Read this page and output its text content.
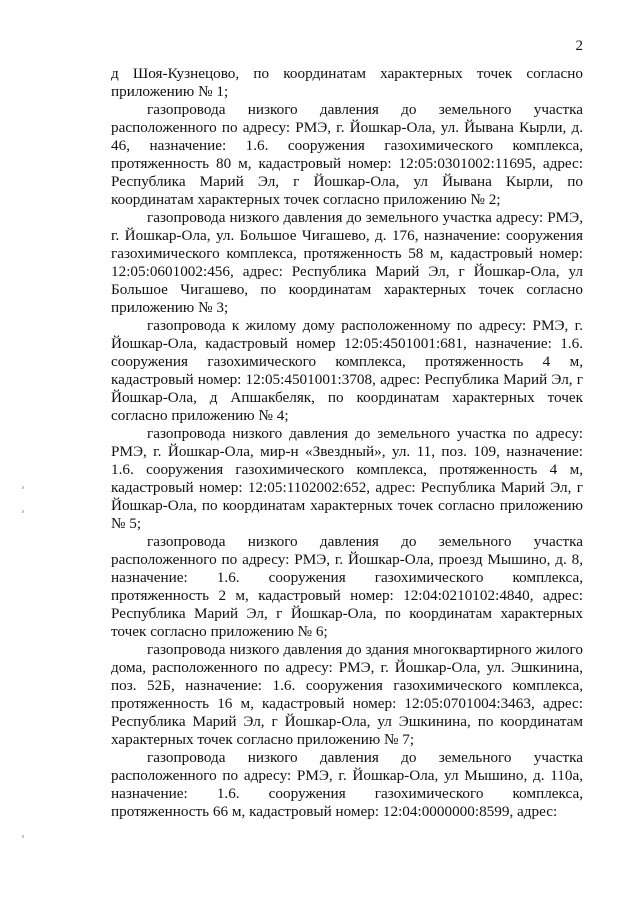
2

д Шоя-Кузнецово, по координатам характерных точек согласно приложению № 1;

газопровода низкого давления до земельного участка расположенного по адресу: РМЭ, г. Йошкар-Ола, ул. Йывана Кырли, д. 46, назначение: 1.6. сооружения газохимического комплекса, протяженность 80 м, кадастровый номер: 12:05:0301002:11695, адрес: Республика Марий Эл, г Йошкар-Ола, ул Йывана Кырли, по координатам характерных точек согласно приложению № 2;

газопровода низкого давления до земельного участка адресу: РМЭ, г. Йошкар-Ола, ул. Большое Чигашево, д. 176, назначение: сооружения газохимического комплекса, протяженность 58 м, кадастровый номер: 12:05:0601002:456, адрес: Республика Марий Эл, г Йошкар-Ола, ул Большое Чигашево, по координатам характерных точек согласно приложению № 3;

газопровода к жилому дому расположенному по адресу: РМЭ, г. Йошкар-Ола, кадастровый номер 12:05:4501001:681, назначение: 1.6. сооружения газохимического комплекса, протяженность 4 м, кадастровый номер: 12:05:4501001:3708, адрес: Республика Марий Эл, г Йошкар-Ола, д Апшакбеляк, по координатам характерных точек согласно приложению № 4;

газопровода низкого давления до земельного участка по адресу: РМЭ, г. Йошкар-Ола, мир-н «Звездный», ул. 11, поз. 109, назначение: 1.6. сооружения газохимического комплекса, протяженность 4 м, кадастровый номер: 12:05:1102002:652, адрес: Республика Марий Эл, г Йошкар-Ола, по координатам характерных точек согласно приложению № 5;

газопровода низкого давления до земельного участка расположенного по адресу: РМЭ, г. Йошкар-Ола, проезд Мышино, д. 8, назначение: 1.6. сооружения газохимического комплекса, протяженность 2 м, кадастровый номер: 12:04:0210102:4840, адрес: Республика Марий Эл, г Йошкар-Ола, по координатам характерных точек согласно приложению № 6;

газопровода низкого давления до здания многоквартирного жилого дома, расположенного по адресу: РМЭ, г. Йошкар-Ола, ул. Эшкинина, поз. 52Б, назначение: 1.6. сооружения газохимического комплекса, протяженность 16 м, кадастровый номер: 12:05:0701004:3463, адрес: Республика Марий Эл, г Йошкар-Ола, ул Эшкинина, по координатам характерных точек согласно приложению № 7;

газопровода низкого давления до земельного участка расположенного по адресу: РМЭ, г. Йошкар-Ола, ул Мышино, д. 110а, назначение: 1.6. сооружения газохимического комплекса, протяженность 66 м, кадастровый номер: 12:04:0000000:8599, адрес:
